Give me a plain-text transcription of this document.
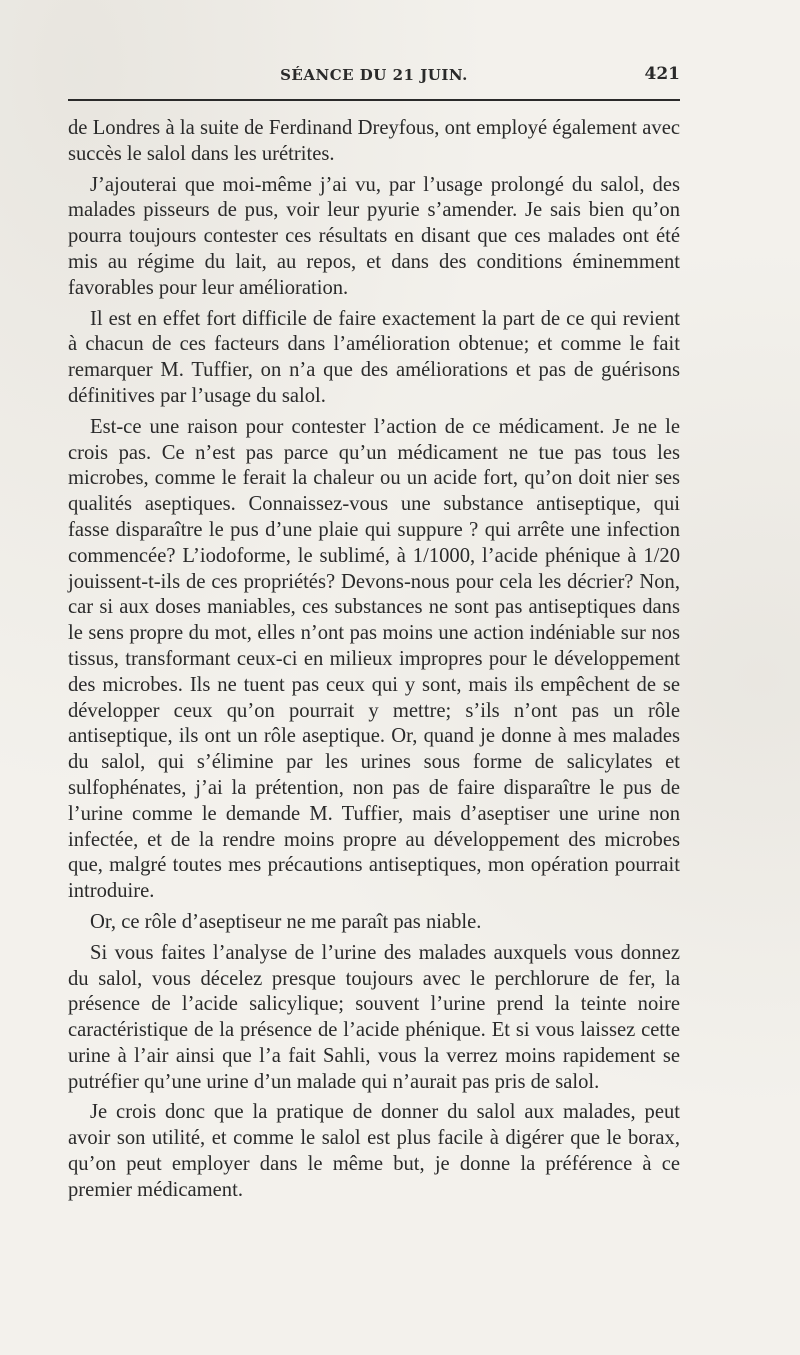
SÉANCE DU 21 JUIN.	421

de Londres à la suite de Ferdinand Dreyfous, ont employé également avec succès le salol dans les urétrites.

J’ajouterai que moi-même j’ai vu, par l’usage prolongé du salol, des malades pisseurs de pus, voir leur pyurie s’amender. Je sais bien qu’on pourra toujours contester ces résultats en disant que ces malades ont été mis au régime du lait, au repos, et dans des conditions éminemment favorables pour leur amélioration.

Il est en effet fort difficile de faire exactement la part de ce qui revient à chacun de ces facteurs dans l’amélioration obtenue; et comme le fait remarquer M. Tuffier, on n’a que des améliorations et pas de guérisons définitives par l’usage du salol.

Est-ce une raison pour contester l’action de ce médicament. Je ne le crois pas. Ce n’est pas parce qu’un médicament ne tue pas tous les microbes, comme le ferait la chaleur ou un acide fort, qu’on doit nier ses qualités aseptiques. Connaissez-vous une substance antiseptique, qui fasse disparaître le pus d’une plaie qui suppure ? qui arrête une infection commencée? L’iodoforme, le sublimé, à 1/1000, l’acide phénique à 1/20 jouissent-t-ils de ces propriétés? Devons-nous pour cela les décrier? Non, car si aux doses maniables, ces substances ne sont pas antiseptiques dans le sens propre du mot, elles n’ont pas moins une action indéniable sur nos tissus, transformant ceux-ci en milieux impropres pour le développement des microbes. Ils ne tuent pas ceux qui y sont, mais ils empêchent de se développer ceux qu’on pourrait y mettre; s’ils n’ont pas un rôle antiseptique, ils ont un rôle aseptique. Or, quand je donne à mes malades du salol, qui s’élimine par les urines sous forme de salicylates et sulfophénates, j’ai la prétention, non pas de faire disparaître le pus de l’urine comme le demande M. Tuffier, mais d’aseptiser une urine non infectée, et de la rendre moins propre au développement des microbes que, malgré toutes mes précautions antiseptiques, mon opération pourrait introduire.

Or, ce rôle d’aseptiseur ne me paraît pas niable.

Si vous faites l’analyse de l’urine des malades auxquels vous donnez du salol, vous décelez presque toujours avec le perchlorure de fer, la présence de l’acide salicylique; souvent l’urine prend la teinte noire caractéristique de la présence de l’acide phénique. Et si vous laissez cette urine à l’air ainsi que l’a fait Sahli, vous la verrez moins rapidement se putréfier qu’une urine d’un malade qui n’aurait pas pris de salol.

Je crois donc que la pratique de donner du salol aux malades, peut avoir son utilité, et comme le salol est plus facile à digérer que le borax, qu’on peut employer dans le même but, je donne la préférence à ce premier médicament.
